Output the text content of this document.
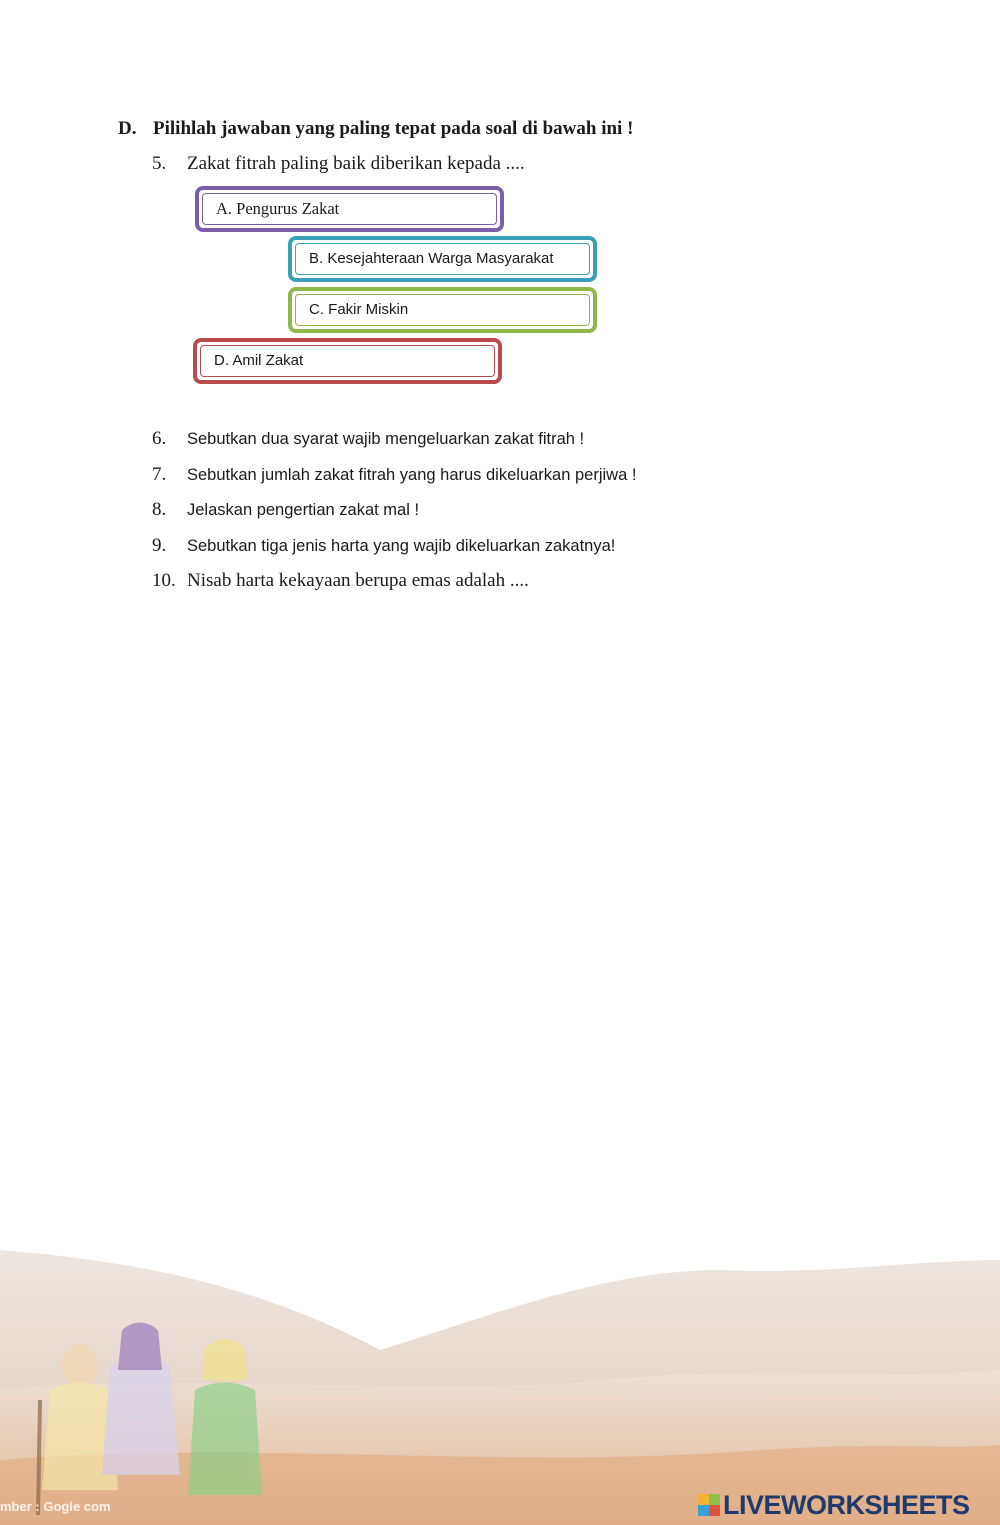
D. Pilihlah jawaban yang paling tepat pada soal di bawah ini !
5. Zakat fitrah paling baik diberikan kepada ....
A. Pengurus Zakat
B. Kesejahteraan Warga Masyarakat
C. Fakir Miskin
D. Amil Zakat
6. Sebutkan dua syarat wajib mengeluarkan zakat fitrah !
7. Sebutkan jumlah zakat fitrah yang harus dikeluarkan perjiwa !
8. Jelaskan pengertian zakat mal !
9. Sebutkan tiga jenis harta yang wajib dikeluarkan zakatnya!
10. Nisab harta kekayaan berupa emas adalah ....
mber : Gogle com	LIVEWORKSHEETS
